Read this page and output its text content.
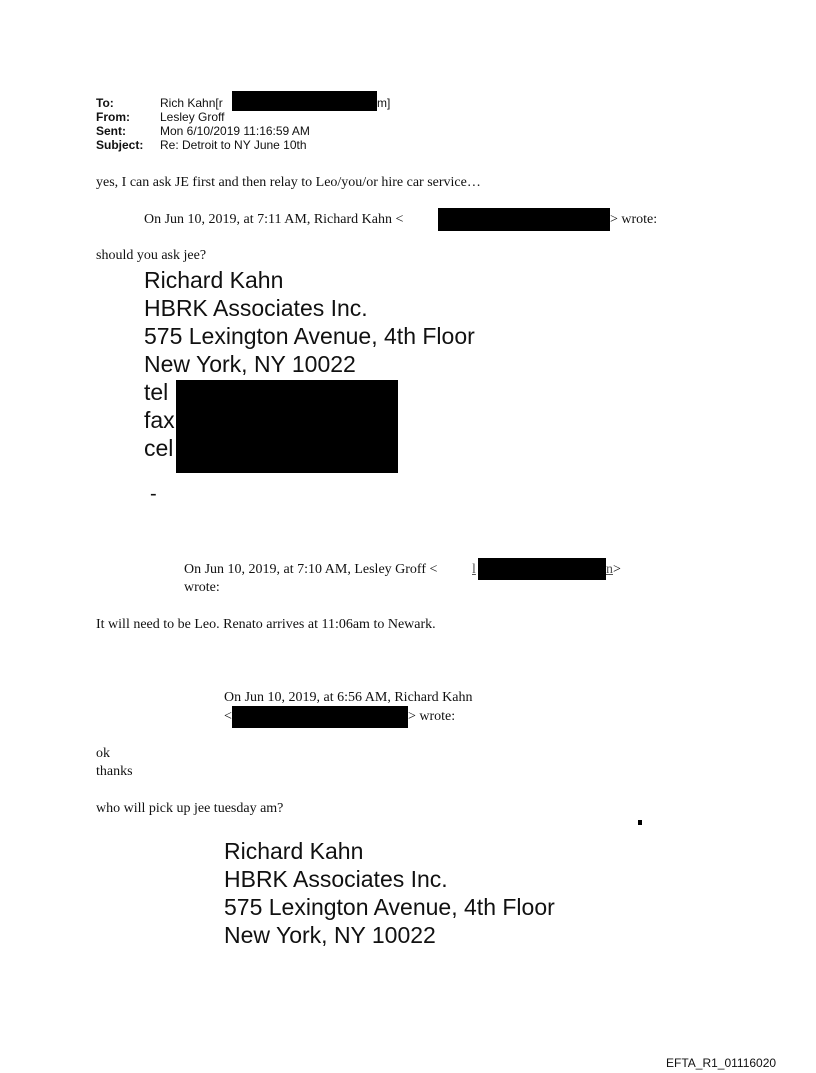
To:	Rich Kahn[r	m]
From:	Lesley Groff
Sent:	Mon 6/10/2019 11:16:59 AM
Subject: Re: Detroit to NY June 10th
yes, I can ask JE first and then relay to Leo/you/or hire car service…
On Jun 10, 2019, at 7:11 AM, Richard Kahn <	> wrote:
should you ask jee?
Richard Kahn
HBRK Associates Inc.
575 Lexington Avenue, 4th Floor
New York, NY 10022
tel
fax
cel
-
On Jun 10, 2019, at 7:10 AM, Lesley Groff < l	n >
wrote:
It will need to be Leo. Renato arrives at 11:06am to Newark.
On Jun 10, 2019, at 6:56 AM, Richard Kahn
<	> wrote:
ok
thanks
who will pick up jee tuesday am?
Richard Kahn
HBRK Associates Inc.
575 Lexington Avenue, 4th Floor
New York, NY 10022
EFTA_R1_01116020
